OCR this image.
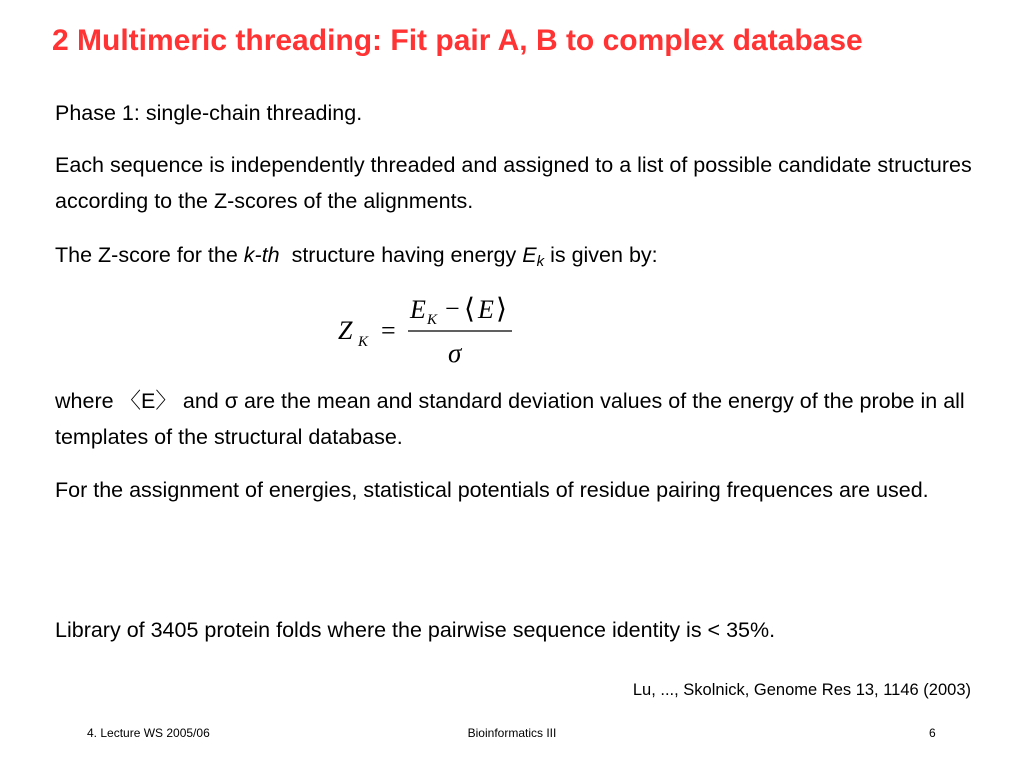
2 Multimeric threading: Fit pair A, B to complex database
Phase 1: single-chain threading.
Each sequence is independently threaded and assigned to a list of possible candidate structures according to the Z-scores of the alignments.
The Z-score for the k-th  structure having energy $E_k$ is given by:
Z K =
E K − ⟨ E ⟩
σ
where 〈E〉 and σ are the mean and standard deviation values of the energy of the probe in all templates of the structural database.
For the assignment of energies, statistical potentials of residue pairing frequences are used.
Library of 3405 protein folds where the pairwise sequence identity is < 35%.
Lu, ..., Skolnick, Genome Res 13, 1146 (2003)
4. Lecture WS 2005/06	Bioinformatics III	6
